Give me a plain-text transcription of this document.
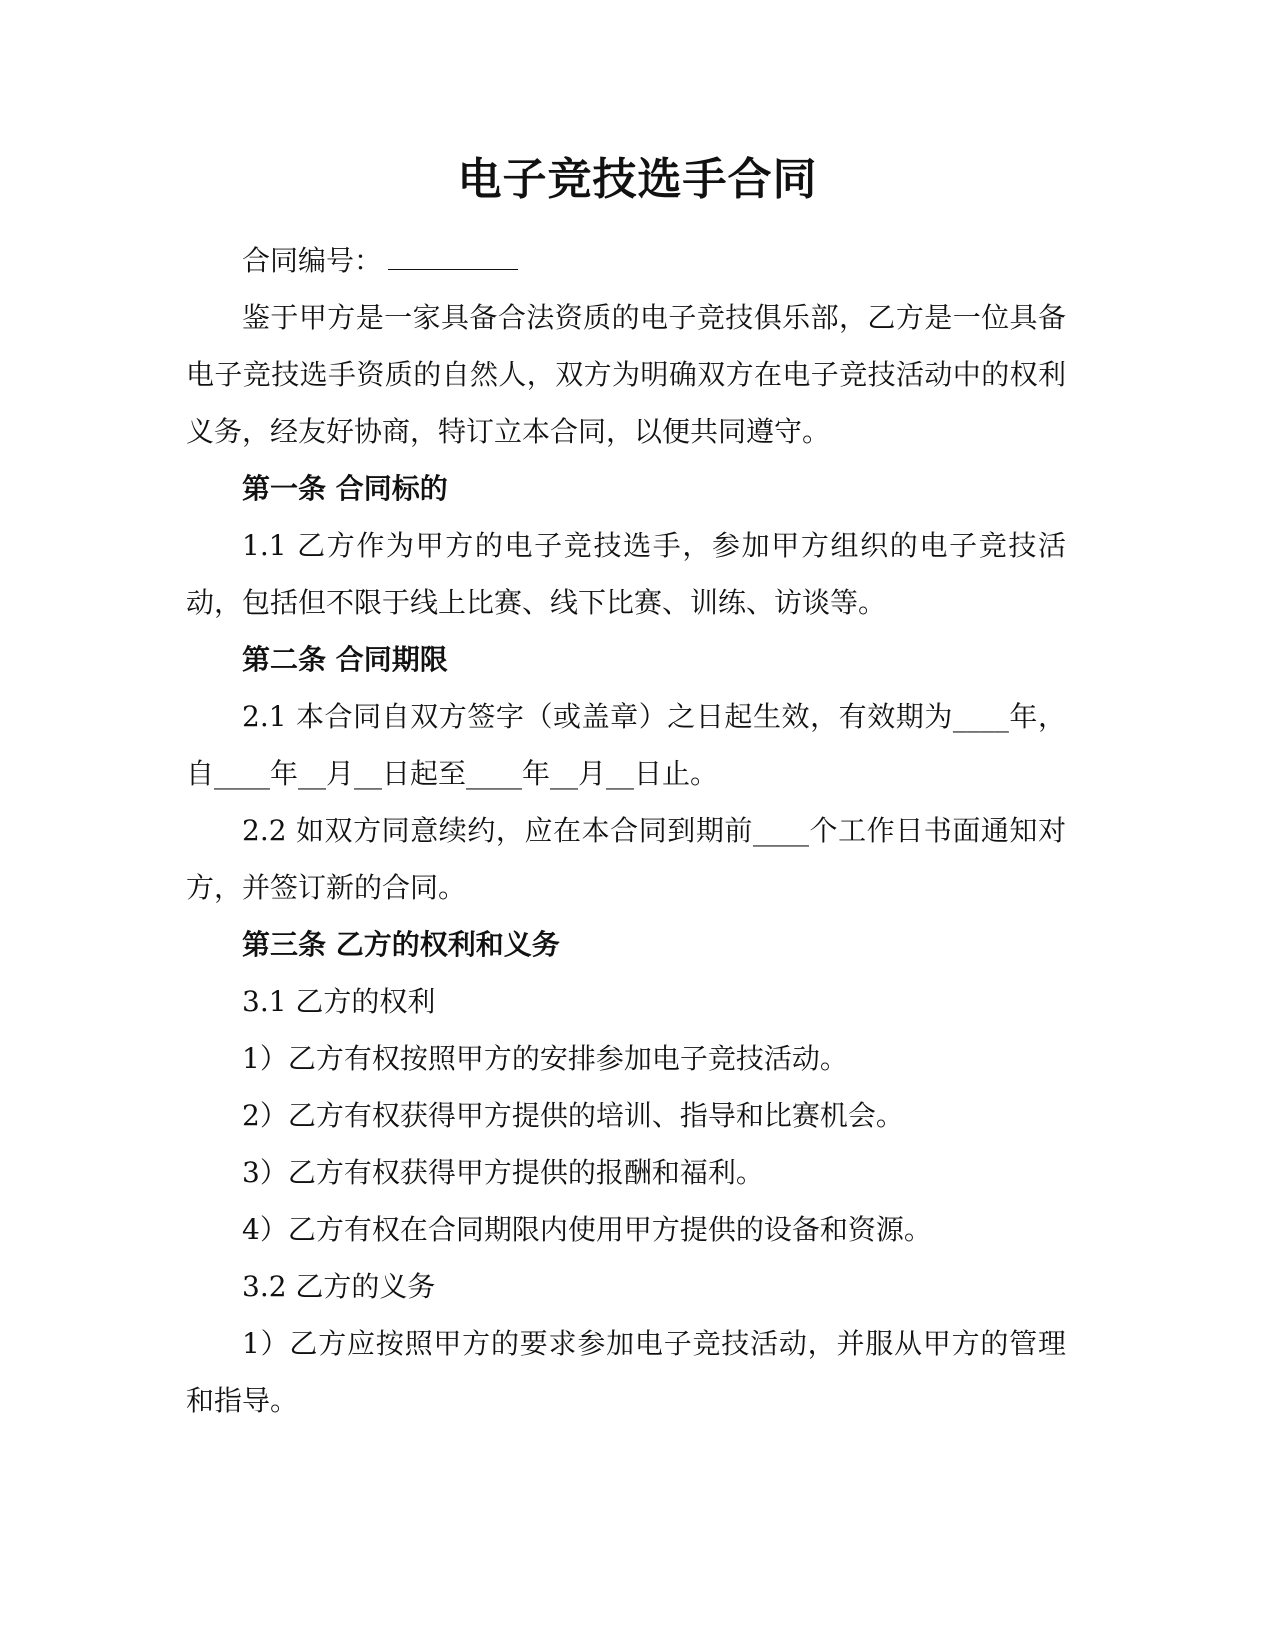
电子竞技选手合同

合同编号：

鉴于甲方是一家具备合法资质的电子竞技俱乐部，乙方是一位具备电子竞技选手资质的自然人，双方为明确双方在电子竞技活动中的权利义务，经友好协商，特订立本合同，以便共同遵守。

第一条 合同标的

1.1 乙方作为甲方的电子竞技选手，参加甲方组织的电子竞技活动，包括但不限于线上比赛、线下比赛、训练、访谈等。

第二条 合同期限

2.1 本合同自双方签字（或盖章）之日起生效，有效期为____年，自____年__月__日起至____年__月__日止。

2.2 如双方同意续约，应在本合同到期前____个工作日书面通知对方，并签订新的合同。

第三条 乙方的权利和义务

3.1 乙方的权利

1）乙方有权按照甲方的安排参加电子竞技活动。

2）乙方有权获得甲方提供的培训、指导和比赛机会。

3）乙方有权获得甲方提供的报酬和福利。

4）乙方有权在合同期限内使用甲方提供的设备和资源。

3.2 乙方的义务

1）乙方应按照甲方的要求参加电子竞技活动，并服从甲方的管理和指导。
